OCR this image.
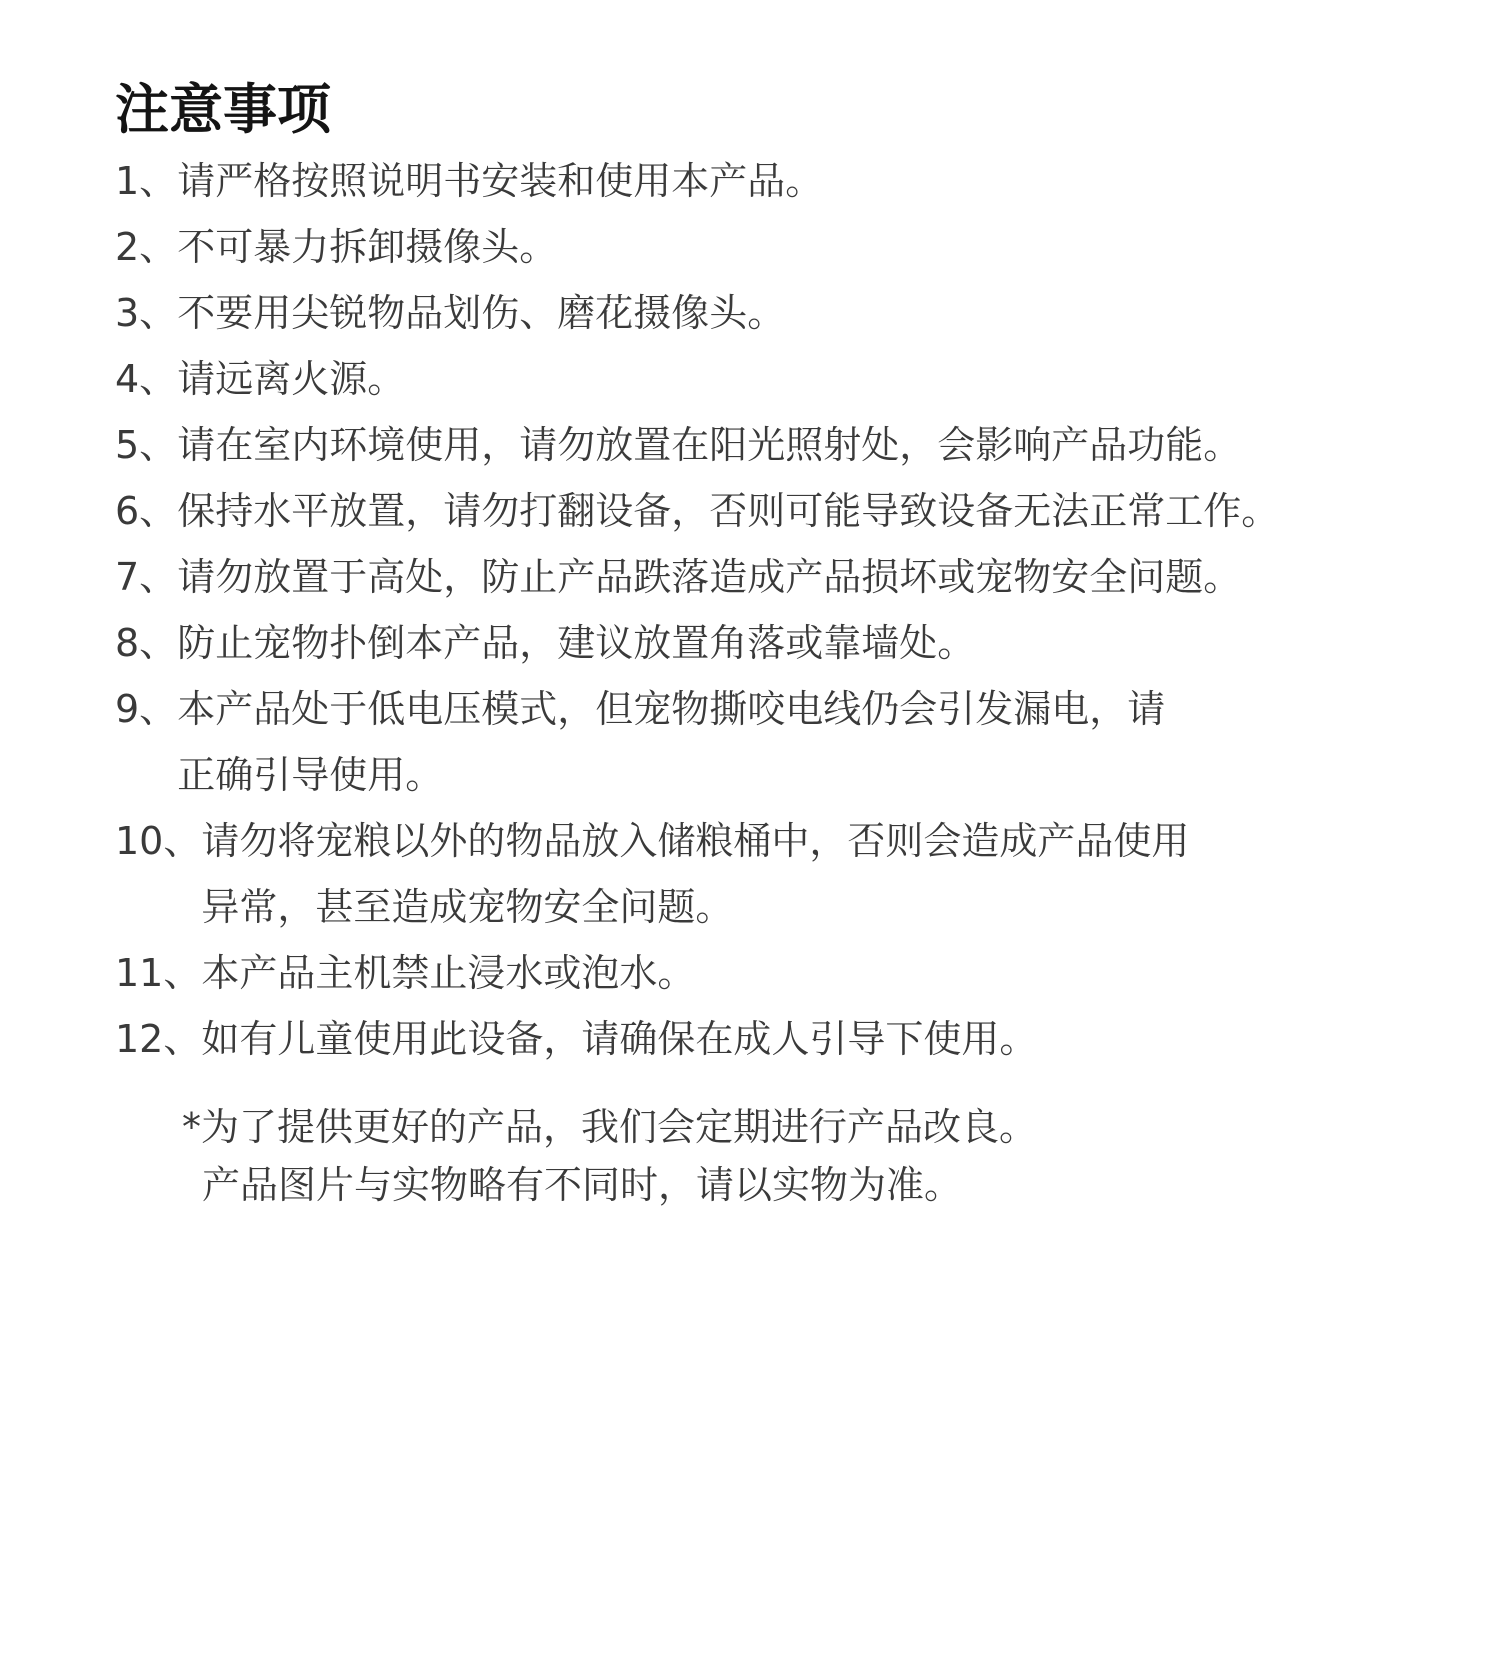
注意事项
1、 请严格按照说明书安装和使用本产品。
2、 不可暴力拆卸摄像头。
3、 不要用尖锐物品划伤、磨花摄像头。
4、 请远离火源。
5、 请在室内环境使用，请勿放置在阳光照射处，会影响产品功能。
6、 保持水平放置，请勿打翻设备，否则可能导致设备无法正常工作。
7、 请勿放置于高处，防止产品跌落造成产品损坏或宠物安全问题。
8、 防止宠物扑倒本产品，建议放置角落或靠墙处。
9、 本产品处于低电压模式，但宠物撕咬电线仍会引发漏电，请
正确引导使用。
10、 请勿将宠粮以外的物品放入储粮桶中，否则会造成产品使用
异常，甚至造成宠物安全问题。
11、 本产品主机禁止浸水或泡水。
12、 如有儿童使用此设备，请确保在成人引导下使用。
*为了提供更好的产品，我们会定期进行产品改良。
产品图片与实物略有不同时，请以实物为准。
